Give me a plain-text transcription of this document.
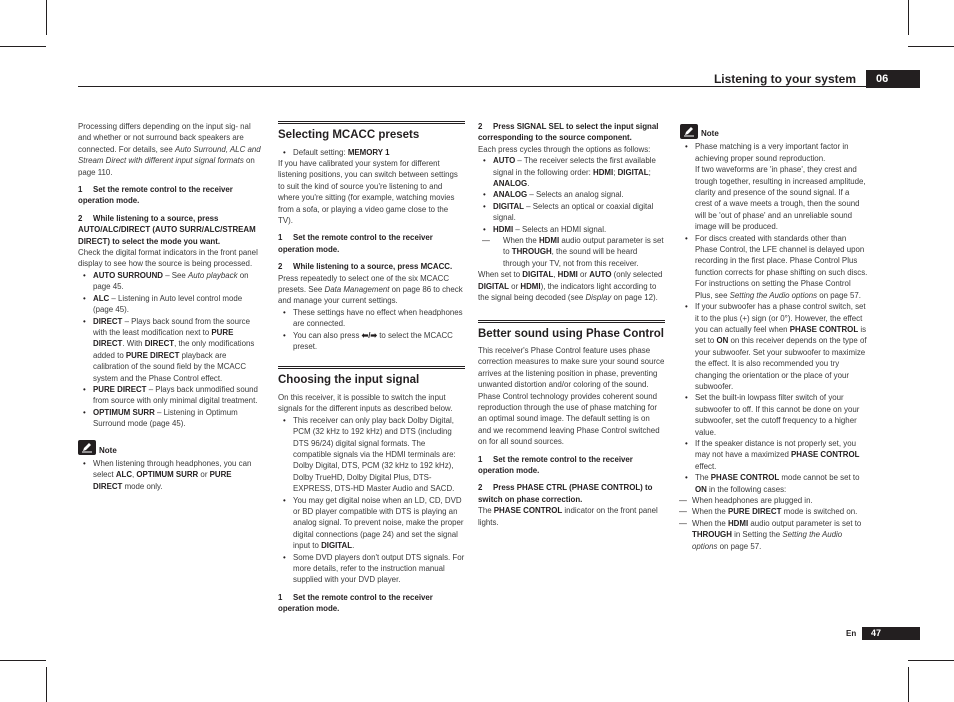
Listening to your system	06

Processing differs depending on the input sig- nal and whether or not surround back speakers are connected. For details, see Auto Surround, ALC and Stream Direct with different input signal formats on page 110.

1 Set the remote control to the receiver operation mode.

2 While listening to a source, press AUTO/ALC/DIRECT (AUTO SURR/ALC/STREAM DIRECT) to select the mode you want.

Check the digital format indicators in the front panel display to see how the source is being processed.

• AUTO SURROUND – See Auto playback on page 45.
• ALC – Listening in Auto level control mode (page 45).
• DIRECT – Plays back sound from the source with the least modification next to PURE DIRECT. With DIRECT, the only modifications added to PURE DIRECT playback are calibration of the sound field by the MCACC system and the Phase Control effect.
• PURE DIRECT – Plays back unmodified sound from source with only minimal digital treatment.
• OPTIMUM SURR – Listening in Optimum Surround mode (page 45).
Note
• When listening through headphones, you can select ALC, OPTIMUM SURR or PURE DIRECT mode only.
Selecting MCACC presets
• Default setting: MEMORY 1

If you have calibrated your system for different listening positions, you can switch between settings to suit the kind of source you're listening to and where you're sitting (for example, watching movies from a sofa, or playing a video game close to the TV).

1 Set the remote control to the receiver operation mode.

2 While listening to a source, press MCACC.

Press repeatedly to select one of the six MCACC presets. See Data Management on page 86 to check and manage your current settings.

• These settings have no effect when headphones are connected.
• You can also press ⬅/➡ to select the MCACC preset.
Choosing the input signal

On this receiver, it is possible to switch the input signals for the different inputs as described below.

• This receiver can only play back Dolby Digital, PCM (32 kHz to 192 kHz) and DTS (including DTS 96/24) digital signal formats. The compatible signals via the HDMI terminals are: Dolby Digital, DTS, PCM (32 kHz to 192 kHz), Dolby TrueHD, Dolby Digital Plus, DTS-EXPRESS, DTS-HD Master Audio and SACD.
• You may get digital noise when an LD, CD, DVD or BD player compatible with DTS is playing an analog signal. To prevent noise, make the proper digital connections (page 24) and set the signal input to DIGITAL.
• Some DVD players don't output DTS signals. For more details, refer to the instruction manual supplied with your DVD player.

1 Set the remote control to the receiver operation mode.

2 Press SIGNAL SEL to select the input signal corresponding to the source component.

Each press cycles through the options as follows:

• AUTO – The receiver selects the first available signal in the following order: HDMI; DIGITAL; ANALOG.
• ANALOG – Selects an analog signal.
• DIGITAL – Selects an optical or coaxial digital signal.
• HDMI – Selects an HDMI signal.
— When the HDMI audio output parameter is set to THROUGH, the sound will be heard through your TV, not from this receiver.

When set to DIGITAL, HDMI or AUTO (only selected DIGITAL or HDMI), the indicators light according to the signal being decoded (see Display on page 12).

Better sound using Phase Control

This receiver's Phase Control feature uses phase correction measures to make sure your sound source arrives at the listening position in phase, preventing unwanted distortion and/or coloring of the sound.

Phase Control technology provides coherent sound reproduction through the use of phase matching for an optimal sound image. The default setting is on and we recommend leaving Phase Control switched on for all sound sources.

1 Set the remote control to the receiver operation mode.

2 Press PHASE CTRL (PHASE CONTROL) to switch on phase correction.

The PHASE CONTROL indicator on the front panel lights.

Note
• Phase matching is a very important factor in achieving proper sound reproduction.
If two waveforms are 'in phase', they crest and trough together, resulting in increased amplitude, clarity and presence of the sound signal. If a crest of a wave meets a trough, then the sound will be 'out of phase' and an unreliable sound image will be produced.
• For discs created with standards other than Phase Control, the LFE channel is delayed upon recording in the first place. Phase Control Plus function corrects for phase shifting on such discs. For instructions on setting the Phase Control Plus, see Setting the Audio options on page 57.
• If your subwoofer has a phase control switch, set it to the plus (+) sign (or 0°). However, the effect you can actually feel when PHASE CONTROL is set to ON on this receiver depends on the type of your subwoofer. Set your subwoofer to maximize the effect. It is also recommended you try changing the orientation or the place of your subwoofer.
• Set the built-in lowpass filter switch of your subwoofer to off. If this cannot be done on your subwoofer, set the cutoff frequency to a higher value.
• If the speaker distance is not properly set, you may not have a maximized PHASE CONTROL effect.
• The PHASE CONTROL mode cannot be set to ON in the following cases:
— When headphones are plugged in.
— When the PURE DIRECT mode is switched on.
— When the HDMI audio output parameter is set to THROUGH in Setting the Setting the Audio options on page 57.
En	47
